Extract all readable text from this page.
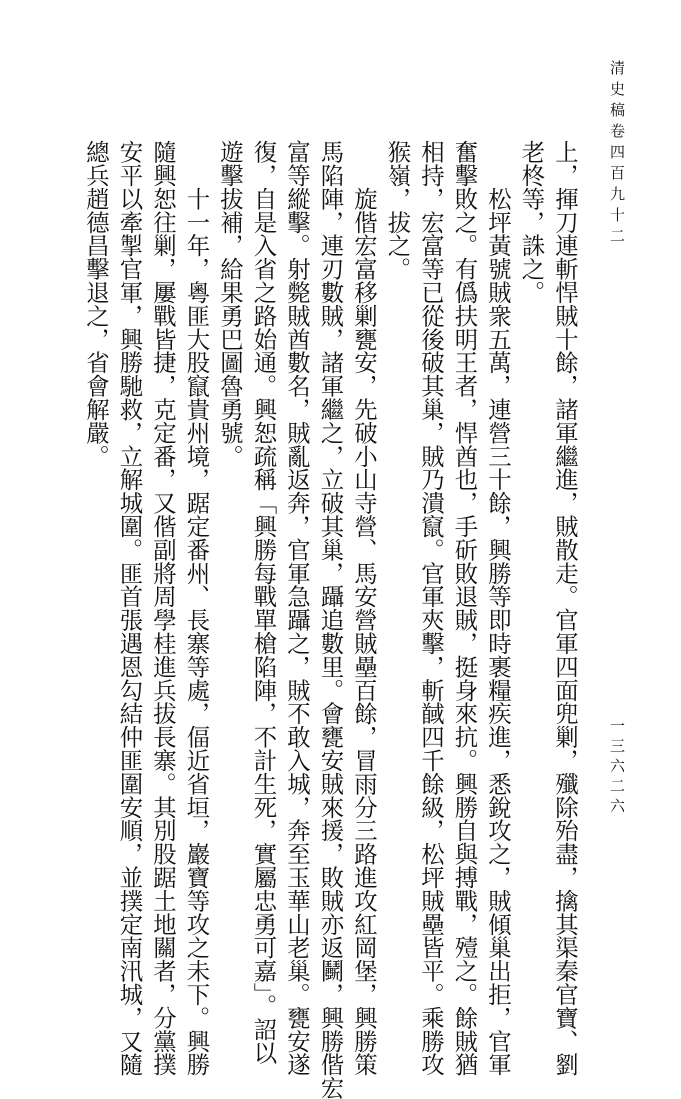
清史稿卷四百九十二
一三六二六
上，揮刀連斬悍賊十餘，諸軍繼進，賊散走。官軍四面兜剿，殲除殆盡，擒其渠秦官寶、劉
老柊等，誅之。
　　松坪黃號賊衆五萬，連營三十餘，興勝等即時裹糧疾進，悉銳攻之，賊傾巢出拒，官軍
奮擊敗之。有僞扶明王者，悍酋也，手斫敗退賊，挺身來抗。興勝自與搏戰，殪之。餘賊猶
相持，宏富等已從後破其巢，賊乃潰竄。官軍夾擊，斬馘四千餘級，松坪賊壘皆平。乘勝攻
猴嶺，拔之。
　　旋偕宏富移剿甕安，先破小山寺營、馬安營賊壘百餘，冒雨分三路進攻紅岡堡，興勝策
馬陷陣，連刃數賊，諸軍繼之，立破其巢，躡追數里。會甕安賊來援，敗賊亦返鬭，興勝偕宏
富等縱擊。射斃賊酋數名，賊亂返奔，官軍急躡之，賊不敢入城，奔至玉華山老巢。甕安遂
復，自是入省之路始通。興恕疏稱「興勝每戰單槍陷陣，不計生死，實屬忠勇可嘉」。詔以
遊擊拔補，給果勇巴圖魯勇號。
　　十一年，粵匪大股竄貴州境，踞定番州、長寨等處，偪近省垣，巖寶等攻之未下。興勝
隨興恕往剿，屢戰皆捷，克定番，又偕副將周學桂進兵拔長寨。其別股踞土地關者，分黨撲
安平以牽掣官軍，興勝馳救，立解城圍。匪首張遇恩勾結仲匪圍安順，並撲定南汛城，又隨
總兵趙德昌擊退之，省會解嚴。
